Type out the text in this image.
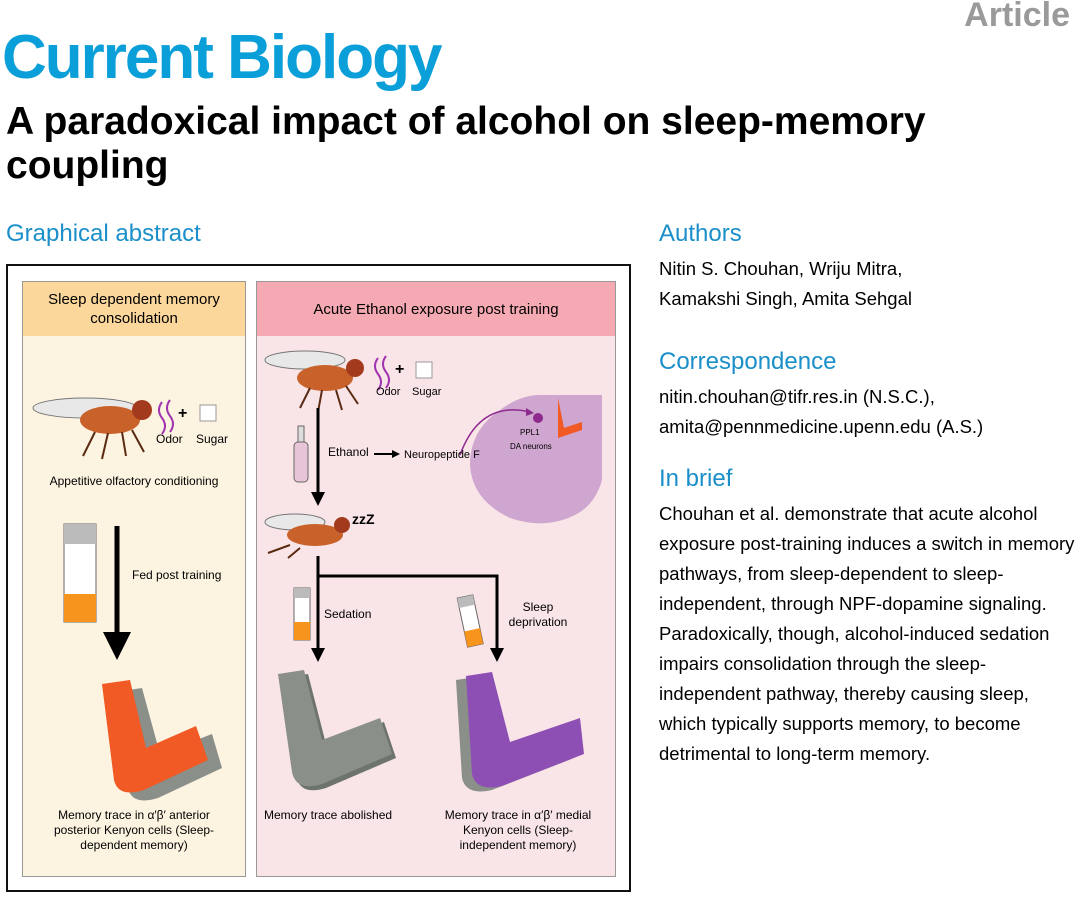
Article
Current Biology
A paradoxical impact of alcohol on sleep-memory coupling
Graphical abstract
Sleep dependent memory consolidation
Acute Ethanol exposure post training
+
+
Odor Sugar
Appetitive olfactory conditioning
Fed post training
Memory trace in α′β′ anterior posterior Kenyon cells (Sleep-dependent memory)
Odor Sugar
Ethanol	Neuropeptide F
PPL1
DA neurons
zzZ
Sedation	Sleep deprivation
Memory trace abolished	Memory trace in α′β′ medial Kenyon cells (Sleep-independent memory)
Authors

Nitin S. Chouhan, Wriju Mitra, Kamakshi Singh, Amita Sehgal

Correspondence

nitin.chouhan@tifr.res.in (N.S.C.),

amita@pennmedicine.upenn.edu (A.S.)

In brief

Chouhan et al. demonstrate that acute alcohol exposure post-training induces a switch in memory pathways, from sleep-dependent to sleep-independent, through NPF-dopamine signaling. Paradoxically, though, alcohol-induced sedation impairs consolidation through the sleep-independent pathway, thereby causing sleep, which typically supports memory, to become detrimental to long-term memory.
